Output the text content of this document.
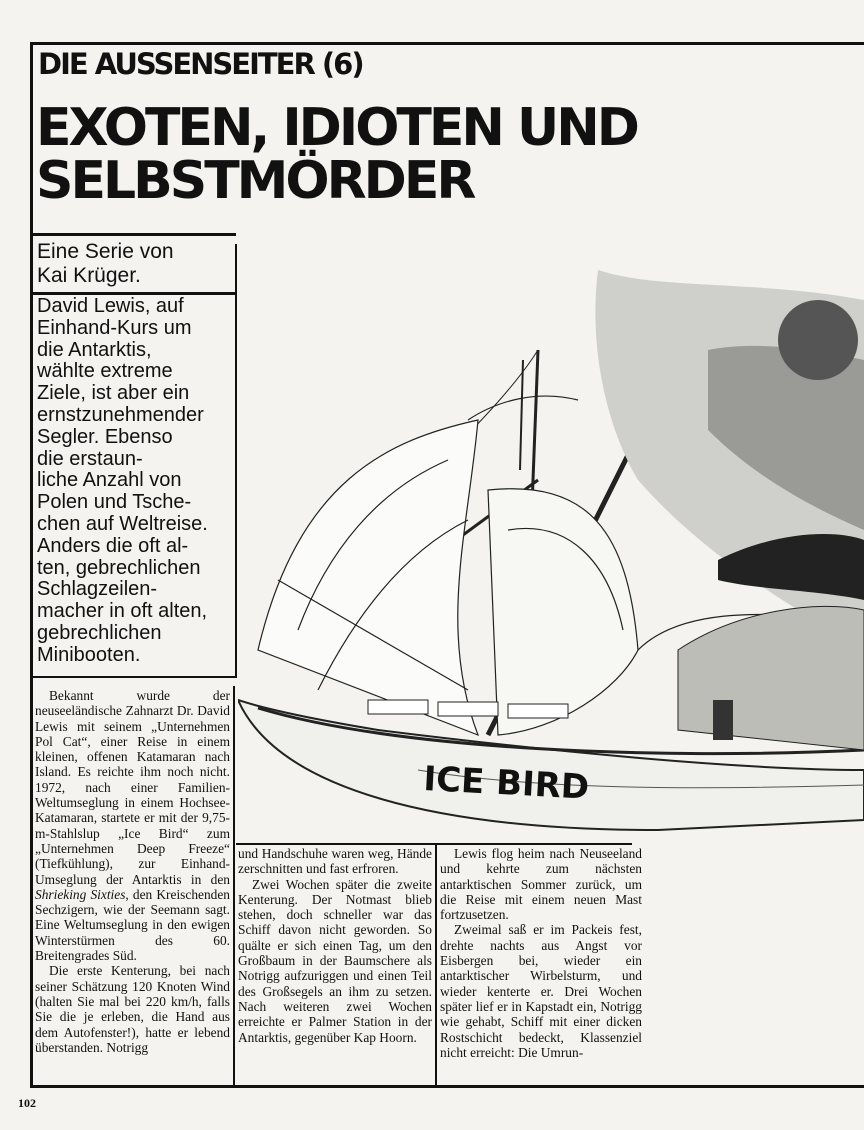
DIE AUSSENSEITER (6)
EXOTEN, IDIOTEN UND
SELBSTMÖRDER
Eine Serie von
Kai Krüger.
David Lewis, auf
Einhand-Kurs um
die Antarktis,
wählte extreme
Ziele, ist aber ein
ernstzunehmender
Segler. Ebenso
die erstaun-
liche Anzahl von
Polen und Tsche-
chen auf Weltreise.
Anders die oft al-
ten, gebrechlichen
Schlagzeilen-
macher in oft alten,
gebrechlichen
Minibooten.
ICE BIRD

Bekannt wurde der neuseeländische Zahnarzt Dr. David Lewis mit seinem „Unternehmen Pol Cat“, einer Reise in einem kleinen, offenen Katamaran nach Island. Es reichte ihm noch nicht. 1972, nach einer Familien-Weltumseglung in einem Hochsee-Katamaran, startete er mit der 9,75-m-Stahlslup „Ice Bird“ zum „Unternehmen Deep Freeze“ (Tiefkühlung), zur Einhand-Umseglung der Antarktis in den Shrieking Sixties, den Kreischenden Sechzigern, wie der Seemann sagt. Eine Weltumseglung in den ewigen Winterstürmen des 60. Breitengrades Süd.

Die erste Kenterung, bei nach seiner Schätzung 120 Knoten Wind (halten Sie mal bei 220 km/h, falls Sie die je erleben, die Hand aus dem Autofenster!), hatte er lebend überstanden. Notrigg

und Handschuhe waren weg, Hände zerschnitten und fast erfroren.

Zwei Wochen später die zweite Kenterung. Der Notmast blieb stehen, doch schneller war das Schiff davon nicht geworden. So quälte er sich einen Tag, um den Großbaum in der Baumschere als Notrigg aufzuriggen und einen Teil des Großsegels an ihm zu setzen. Nach weiteren zwei Wochen erreichte er Palmer Station in der Antarktis, gegenüber Kap Hoorn.

Lewis flog heim nach Neuseeland und kehrte zum nächsten antarktischen Sommer zurück, um die Reise mit einem neuen Mast fortzusetzen.

Zweimal saß er im Packeis fest, drehte nachts aus Angst vor Eisbergen bei, wieder ein antarktischer Wirbelsturm, und wieder kenterte er. Drei Wochen später lief er in Kapstadt ein, Notrigg wie gehabt, Schiff mit einer dicken Rostschicht bedeckt, Klassenziel nicht erreicht: Die Umrun-

102
